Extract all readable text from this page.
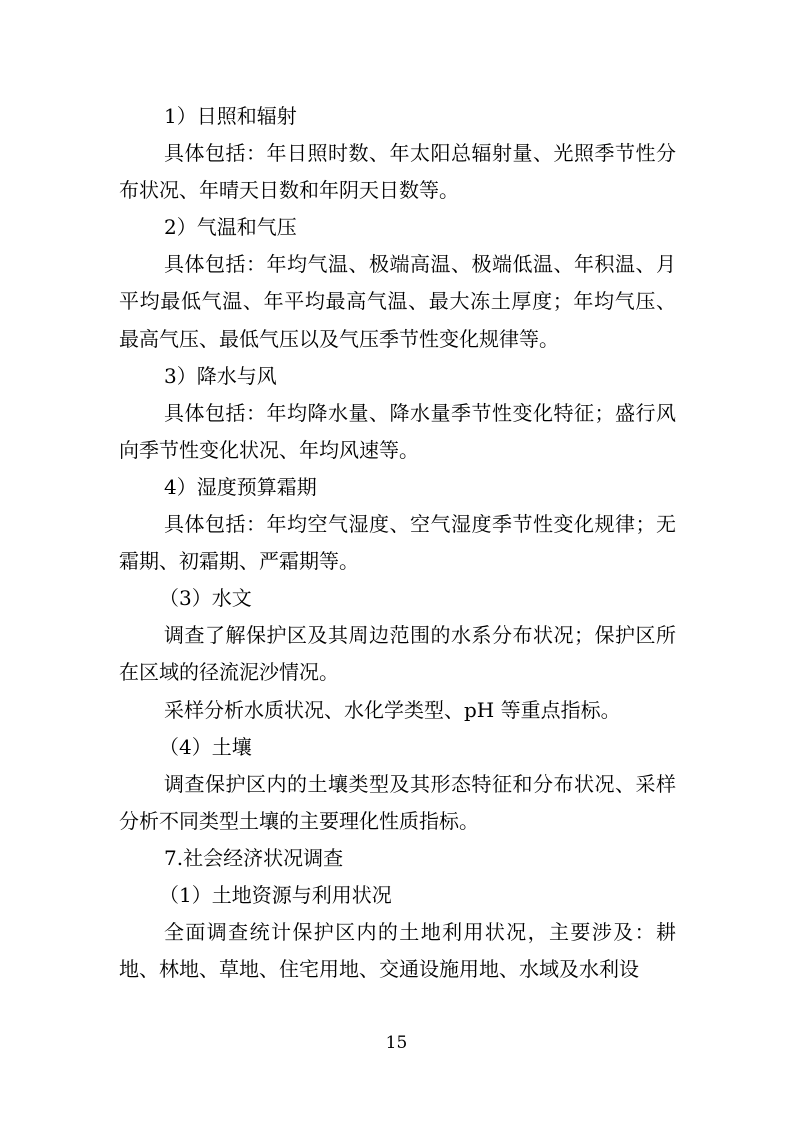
1）日照和辐射

具体包括：年日照时数、年太阳总辐射量、光照季节性分布状况、年晴天日数和年阴天日数等。

2）气温和气压

具体包括：年均气温、极端高温、极端低温、年积温、月平均最低气温、年平均最高气温、最大冻土厚度；年均气压、最高气压、最低气压以及气压季节性变化规律等。

3）降水与风

具体包括：年均降水量、降水量季节性变化特征；盛行风向季节性变化状况、年均风速等。

4）湿度预算霜期

具体包括：年均空气湿度、空气湿度季节性变化规律；无霜期、初霜期、严霜期等。

（3）水文

调查了解保护区及其周边范围的水系分布状况；保护区所在区域的径流泥沙情况。

采样分析水质状况、水化学类型、pH 等重点指标。

（4）土壤

调查保护区内的土壤类型及其形态特征和分布状况、采样分析不同类型土壤的主要理化性质指标。

7.社会经济状况调查

（1）土地资源与利用状况

全面调查统计保护区内的土地利用状况，主要涉及：耕地、林地、草地、住宅用地、交通设施用地、水域及水利设

15
